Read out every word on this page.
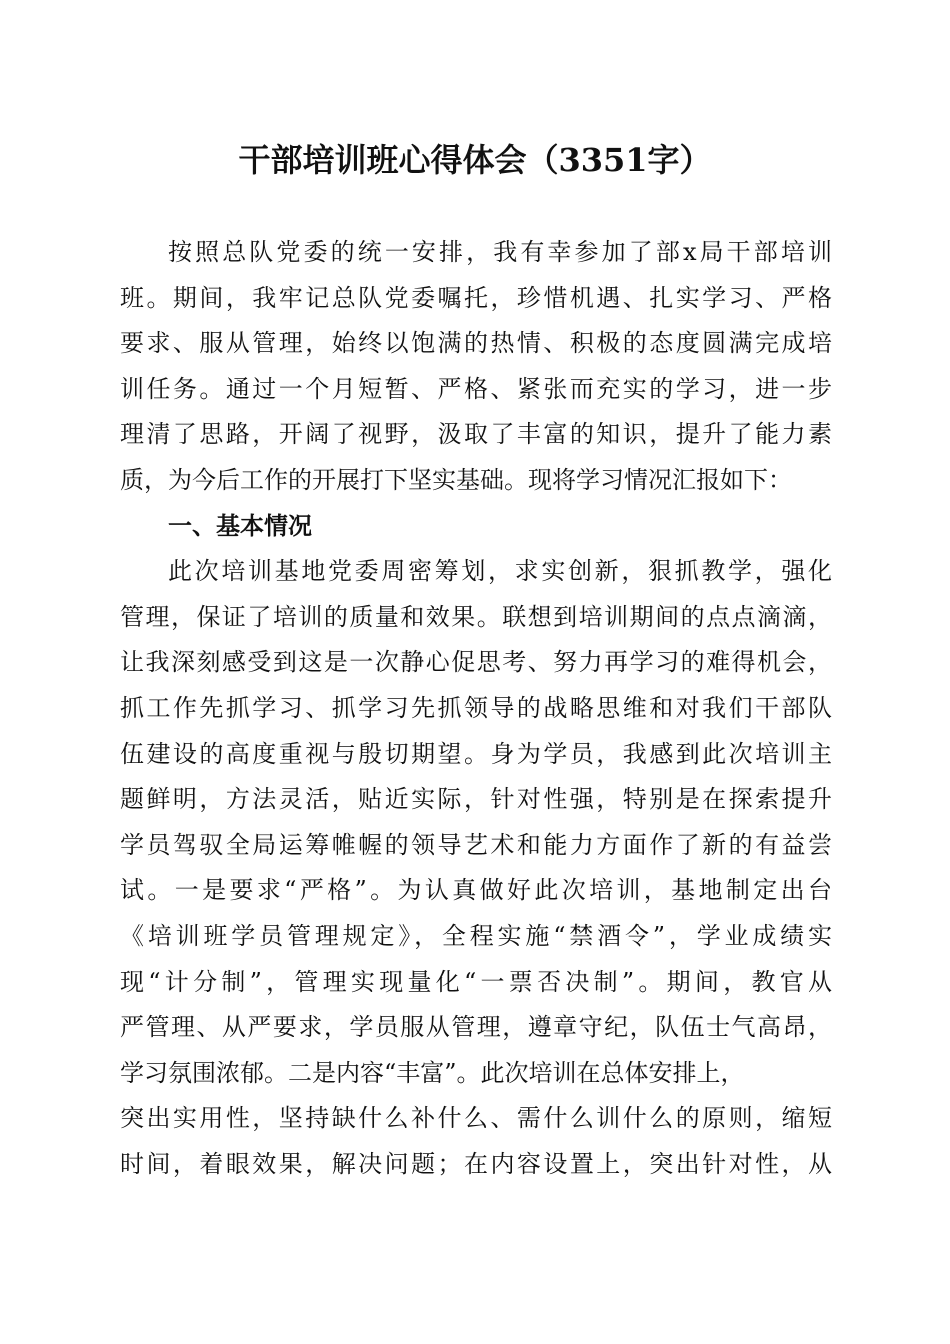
干部培训班心得体会（3351字）
按照总队党委的统一安排，我有幸参加了部x局干部培训
班。期间，我牢记总队党委嘱托，珍惜机遇、扎实学习、严格
要求、服从管理，始终以饱满的热情、积极的态度圆满完成培
训任务。通过一个月短暂、严格、紧张而充实的学习，进一步
理清了思路，开阔了视野，汲取了丰富的知识，提升了能力素
质，为今后工作的开展打下坚实基础。现将学习情况汇报如下：
一、基本情况
此次培训基地党委周密筹划，求实创新，狠抓教学，强化
管理，保证了培训的质量和效果。联想到培训期间的点点滴滴，
让我深刻感受到这是一次静心促思考、努力再学习的难得机会，
抓工作先抓学习、抓学习先抓领导的战略思维和对我们干部队
伍建设的高度重视与殷切期望。身为学员，我感到此次培训主
题鲜明，方法灵活，贴近实际，针对性强，特别是在探索提升
学员驾驭全局运筹帷幄的领导艺术和能力方面作了新的有益尝
试。一是要求“严格”。为认真做好此次培训，基地制定出台
《培训班学员管理规定》，全程实施“禁酒令”，学业成绩实
现“计分制”，管理实现量化“一票否决制”。期间，教官从
严管理、从严要求，学员服从管理，遵章守纪，队伍士气高昂，
学习氛围浓郁。二是内容“丰富”。此次培训在总体安排上，
突出实用性，坚持缺什么补什么、需什么训什么的原则，缩短
时间，着眼效果，解决问题；在内容设置上，突出针对性，从
